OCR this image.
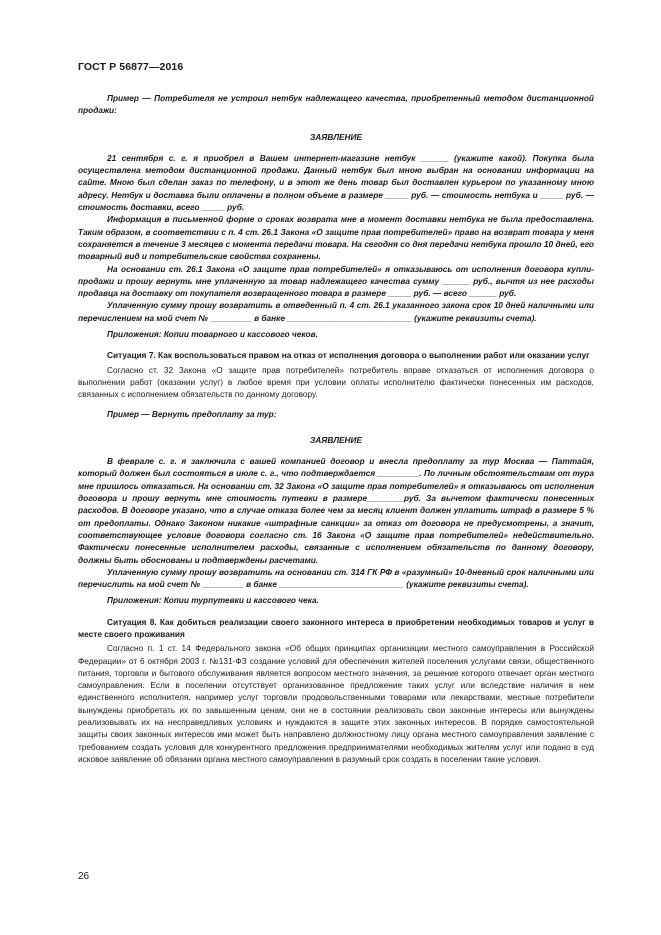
ГОСТ Р 56877—2016

Пример — Потребителя не устроил нетбук надлежащего качества, приобретенный методом дистанционной продажи:

ЗАЯВЛЕНИЕ

21 сентября с. г. я приобрел в Вашем интернет-магазине нетбук ______ (укажите какой). Покупка была осуществлена методом дистанционной продажи. Данный нетбук был мною выбран на основании информации на сайте. Мною был сделан заказ по телефону, и в этот же день товар был доставлен курьером по указанному мною адресу. Нетбук и доставка были оплачены в полном объеме в размере _____ руб. — стоимость нетбука и _____ руб. — стоимость доставки, всего _____ руб.

Информация в письменной форме о сроках возврата мне в момент доставки нетбука не была предоставлена. Таким образом, в соответствии с п. 4 ст. 26.1 Закона «О защите прав потребителей» право на возврат товара у меня сохраняется в течение 3 месяцев с момента передачи товара. На сегодня со дня передачи нетбука прошло 10 дней, его товарный вид и потребительские свойства сохранены.

На основании ст. 26.1 Закона «О защите прав потребителей» я отказываюсь от исполнения договора купли-продажи и прошу вернуть мне уплаченную за товар надлежащего качества сумму ______ руб., вычтя из нее расходы продавца на доставку от покупателя возвращенного товара в размере _____ руб. — всего ______ руб.

Уплаченную сумму прошу возвратить в отведенный п. 4 ст. 26.1 указанного закона срок 10 дней наличными или перечислением на мой счет № _________ в банке ___________________________ (укажите реквизиты счета).

Приложения: Копии товарного и кассового чеков.

Ситуация 7. Как воспользоваться правом на отказ от исполнения договора о выполнении работ или оказании услуг

Согласно ст. 32 Закона «О защите прав потребителей» потребитель вправе отказаться от исполнения договора о выполнении работ (оказании услуг) в любое время при условии оплаты исполнителю фактически понесенных им расходов, связанных с исполнением обязательств по данному договору.

Пример — Вернуть предоплату за тур:

ЗАЯВЛЕНИЕ

В феврале с. г. я заключила с вашей компанией договор и внесла предоплату за тур Москва — Паттайя, который должен был состояться в июле с. г., что подтверждается _________. По личным обстоятельствам от тура мне пришлось отказаться. На основании ст. 32 Закона «О защите прав потребителей» я отказываюсь от исполнения договора и прошу вернуть мне стоимость путевки в размере________руб. За вычетом фактически понесенных расходов. В договоре указано, что в случае отказа более чем за месяц клиент должен уплатить штраф в размере 5 % от предоплаты. Однако Законом никакие «штрафные санкции» за отказ от договора не предусмотрены, а значит, соответствующее условие договора согласно ст. 16 Закона «О защите прав потребителей» недействительно. Фактически понесенные исполнителем расходы, связанные с исполнением обязательств по данному договору, должны быть обоснованы и подтверждены расчетами.

Уплаченную сумму прошу возвратить на основании ст. 314 ГК РФ в «разумный» 10-дневный срок наличными или перечислить на мой счет № _________ в банке ___________________________ (укажите реквизиты счета).

Приложения: Копии турпутевки и кассового чека.

Ситуация 8. Как добиться реализации своего законного интереса в приобретении необходимых товаров и услуг в месте своего проживания

Согласно п. 1 ст. 14 Федерального закона «Об общих принципах организации местного самоуправления в Российской Федерации» от 6 октября 2003 г. №131-ФЗ создание условий для обеспечения жителей поселения услугами связи, общественного питания, торговли и бытового обслуживания является вопросом местного значения, за решение которого отвечает орган местного самоуправления. Если в поселении отсутствует организованное предложение таких услуг или вследствие наличия в нем единственного исполнителя, например услуг торговли продовольственными товарами или лекарствами, местные потребители вынуждены приобретать их по завышенным ценам, они не в состоянии реализовать свои законные интересы или вынуждены реализовывать их на несправедливых условиях и нуждаются в защите этих законных интересов. В порядке самостоятельной защиты своих законных интересов ими может быть направлено должностному лицу органа местного самоуправления заявление с требованием создать условия для конкурентного предложения предпринимателями необходимых жителям услуг или подано в суд исковое заявление об обязании органа местного самоуправления в разумный срок создать в поселении такие условия.

26
